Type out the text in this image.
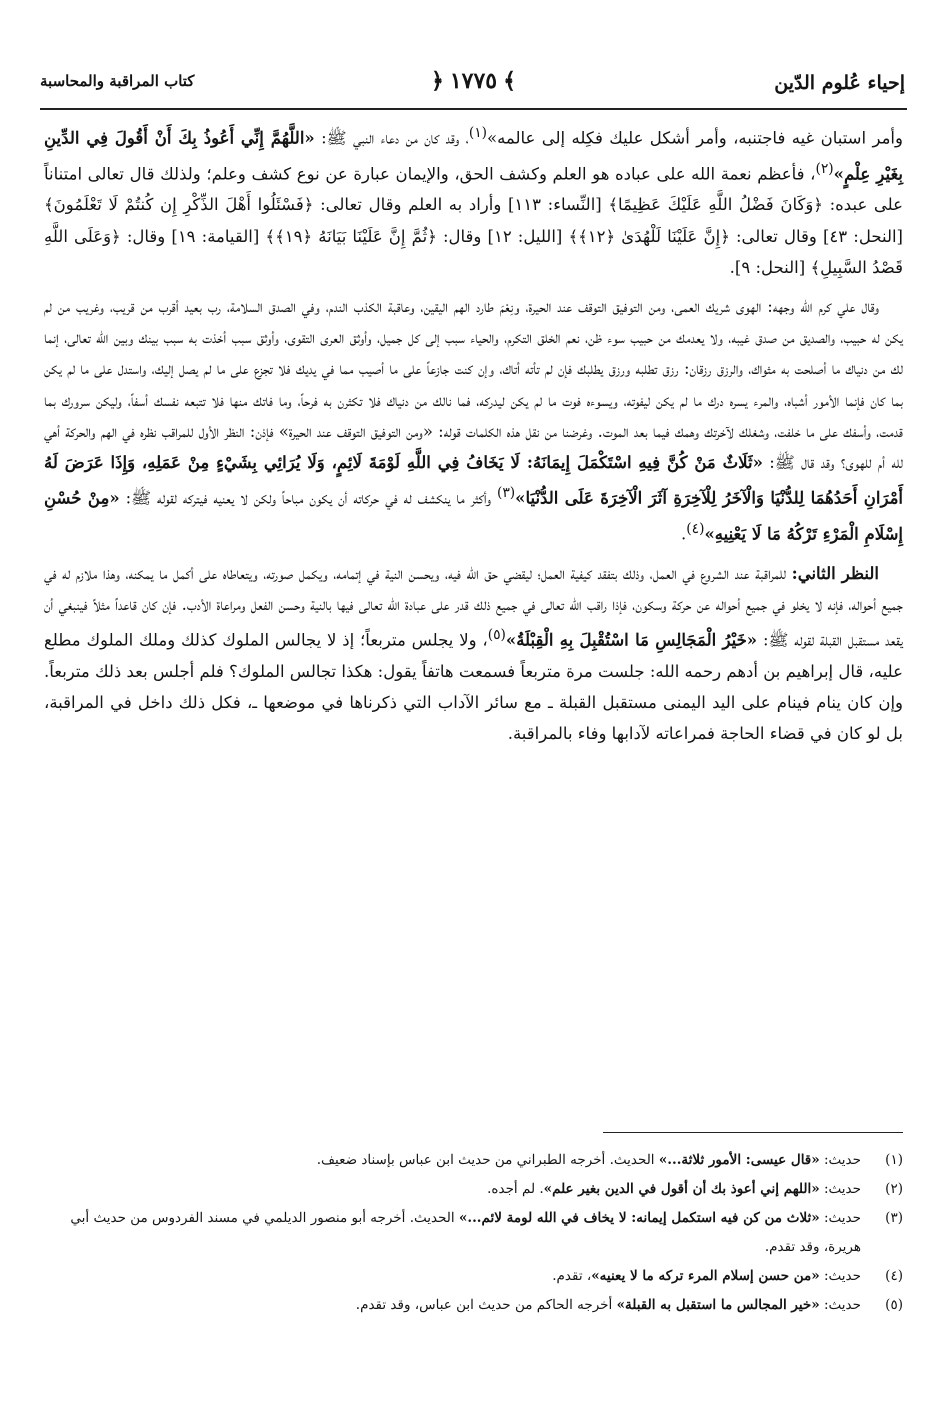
إحياء عُلوم الدّين
﴿ ١٧٧٥ ﴾
كتاب المراقبة والمحاسبة

وأمر استبان غيه فاجتنبه، وأمر أشكل عليك فكِله إلى عالمه»$^{(١)}$، وقد كان من دعاء النبي ﷺ: «اللَّهُمَّ إِنِّي أَعُوذُ بِكَ أَنْ أَقُولَ فِي الدِّينِ بِغَيْرِ عِلْمٍ»$^{(٢)}$، فأعظم نعمة الله على عباده هو العلم وكشف الحق، والإيمان عبارة عن نوع كشف وعلم؛ ولذلك قال تعالى امتناناً على عبده: ﴿وَكَانَ فَضْلُ اللَّهِ عَلَيْكَ عَظِيمًا﴾ [النِّساء: ١١٣] وأراد به العلم وقال تعالى: ﴿فَسْئَلُوا أَهْلَ الذِّكْرِ إِن كُنتُمْ لَا تَعْلَمُونَ﴾ [النحل: ٤٣] وقال تعالى: ﴿إِنَّ عَلَيْنَا لَلْهُدَىٰ ﴿١٢﴾﴾ [الليل: ١٢] وقال: ﴿ثُمَّ إِنَّ عَلَيْنَا بَيَانَهُ ﴿١٩﴾﴾ [القيامة: ١٩] وقال: ﴿وَعَلَى اللَّهِ قَصْدُ السَّبِيلِ﴾ [النحل: ٩].

وقال علي كرم الله وجهه: الهوى شريك العمى، ومن التوفيق التوقف عند الحيرة، ونِعْمَ طارد الهم اليقين، وعاقبة الكذب الندم، وفي الصدق السلامة، رب بعيد أقرب من قريب، وغريب من لم يكن له حبيب، والصديق من صدق غيبه، ولا يعدمك من حبيب سوء ظن، نعم الخلق التكرم، والحياء سبب إلى كل جميل، وأوثق العرى التقوى، وأوثق سبب أخذت به سبب بينك وبين الله تعالى، إنما لك من دنياك ما أصلحت به مثواك، والرزق رزقان: رزق تطلبه ورزق يطلبك فإن لم تأته أتاك، وإن كنت جازعاً على ما أصيب مما في يديك فلا تجزع على ما لم يصل إليك، واستدل على ما لم يكن بما كان فإنما الأمور أشباه، والمرء يسره درك ما لم يكن ليفوته، ويسوءه فوت ما لم يكن ليدركه، فما نالك من دنياك فلا تكثرن به فرحاً، وما فاتك منها فلا تتبعه نفسك أسفاً، وليكن سرورك بما قدمت، وأسفك على ما خلفت، وشغلك لآخرتك وهمك فيما بعد الموت. وغرضنا من نقل هذه الكلمات قوله: «ومن التوفيق التوقف عند الحيرة» فإذن: النظر الأول للمراقب نظره في الهم والحركة أهي لله أم للهوى؟ وقد قال ﷺ: «ثَلَاثٌ مَنْ كُنَّ فِيهِ اسْتَكْمَلَ إِيمَانَهُ: لَا يَخَافُ فِي اللَّهِ لَوْمَةَ لَائِمٍ، وَلَا يُرَائِي بِشَيْءٍ مِنْ عَمَلِهِ، وَإِذَا عَرَضَ لَهُ أَمْرَانِ أَحَدُهُمَا لِلدُّنْيَا وَالْآخَرُ لِلْآخِرَةِ آثَرَ الْآخِرَةَ عَلَى الدُّنْيَا»$^{(٣)}$ وأكثر ما ينكشف له في حركاته أن يكون مباحاً ولكن لا يعنيه فيتركه لقوله ﷺ: «مِنْ حُسْنِ إِسْلَامِ الْمَرْءِ تَرْكُهُ مَا لَا يَعْنِيهِ»$^{(٤)}$.

النظر الثاني: للمراقبة عند الشروع في العمل، وذلك بتفقد كيفية العمل؛ ليقضي حق الله فيه، ويحسن النية في إتمامه، ويكمل صورته، ويتعاطاه على أكمل ما يمكنه، وهذا ملازم له في جميع أحواله، فإنه لا يخلو في جميع أحواله عن حركة وسكون، فإذا راقب الله تعالى في جميع ذلك قدر على عبادة الله تعالى فيها بالنية وحسن الفعل ومراعاة الأدب. فإن كان قاعداً مثلاً فينبغي أن يقعد مستقبل القبلة لقوله ﷺ: «خَيْرُ الْمَجَالِسِ مَا اسْتُقْبِلَ بِهِ الْقِبْلَةُ»$^{(٥)}$، ولا يجلس متربعاً؛ إذ لا يجالس الملوك كذلك وملك الملوك مطلع عليه، قال إبراهيم بن أدهم رحمه الله: جلست مرة متربعاً فسمعت هاتفاً يقول: هكذا تجالس الملوك؟ فلم أجلس بعد ذلك متربعاً. وإن كان ينام فينام على اليد اليمنى مستقبل القبلة ـ مع سائر الآداب التي ذكرناها في موضعها ـ، فكل ذلك داخل في المراقبة، بل لو كان في قضاء الحاجة فمراعاته لآدابها وفاء بالمراقبة.

(١)
حديث: «قال عيسى: الأمور ثلاثة...» الحديث. أخرجه الطبراني من حديث ابن عباس بإسناد ضعيف.
(٢)
حديث: «اللهم إني أعوذ بك أن أقول في الدين بغير علم». لم أجده.
(٣)
حديث: «ثلاث من كن فيه استكمل إيمانه: لا يخاف في الله لومة لائم...» الحديث. أخرجه أبو منصور الديلمي في مسند الفردوس من حديث أبي هريرة، وقد تقدم.
(٤)
حديث: «من حسن إسلام المرء تركه ما لا يعنيه»، تقدم.
(٥)
حديث: «خير المجالس ما استقبل به القبلة» أخرجه الحاكم من حديث ابن عباس، وقد تقدم.
